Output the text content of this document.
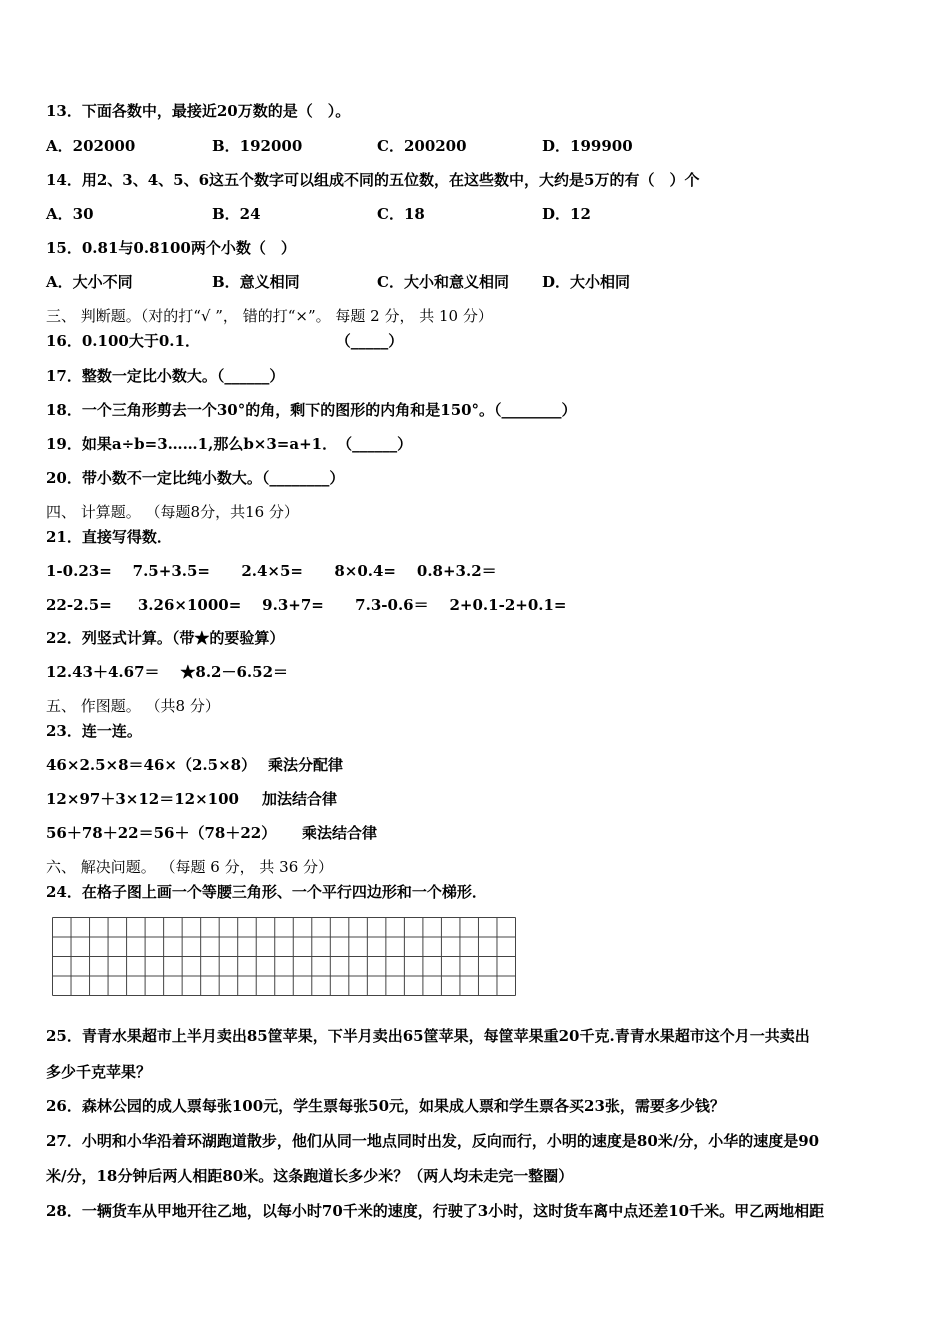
13．下面各数中，最接近20万数的是（　）。

A．202000	B．192000	C．200200	D．199900

14．用2、3、4、5、6这五个数字可以组成不同的五位数，在这些数中，大约是5万的有（　）个

A．30	B．24	C．18	D．12

15．0.81与0.8100两个小数（　）

A．大小不同	B．意义相同	C．大小和意义相同 D．大小相同

三、 判断题。（对的打“√ ”， 错的打“×”。 每题 2 分， 共 10 分）

16．0.100大于0.1．                          （_____）

17．整数一定比小数大。（______）

18．一个三角形剪去一个30°的角，剩下的图形的内角和是150°。（________）

19．如果a÷b=3……1,那么b×3=a+1．　（______）

20．带小数不一定比纯小数大。（________）

四、 计算题。 （每题8分，共16 分）

21．直接写得数．

1-0.23=    7.5+3.5=      2.4×5=      8×0.4=    0.8+3.2＝

22-2.5=     3.26×1000=    9.3+7=      7.3-0.6＝    2+0.1-2+0.1=

22．列竖式计算。（带★的要验算）

12.43＋4.67＝    ★8.2－6.52＝

五、 作图题。 （共8 分）

23．连一连。

46×2.5×8＝46×（2.5×8） 乘法分配律
12×97＋3×12＝12×100 加法结合律
56＋78＋22＝56＋（78＋22） 乘法结合律

六、 解决问题。 （每题 6 分， 共 36 分）

24．在格子图上画一个等腰三角形、一个平行四边形和一个梯形．

25．青青水果超市上半月卖出85筐苹果，下半月卖出65筐苹果，每筐苹果重20千克.青青水果超市这个月一共卖出

多少千克苹果？

26．森林公园的成人票每张100元，学生票每张50元，如果成人票和学生票各买23张，需要多少钱？

27．小明和小华沿着环湖跑道散步，他们从同一地点同时出发，反向而行，小明的速度是80米/分，小华的速度是90

米/分，18分钟后两人相距80米。这条跑道长多少米？（两人均未走完一整圈）

28．一辆货车从甲地开往乙地，以每小时70千米的速度，行驶了3小时，这时货车离中点还差10千米。甲乙两地相距
